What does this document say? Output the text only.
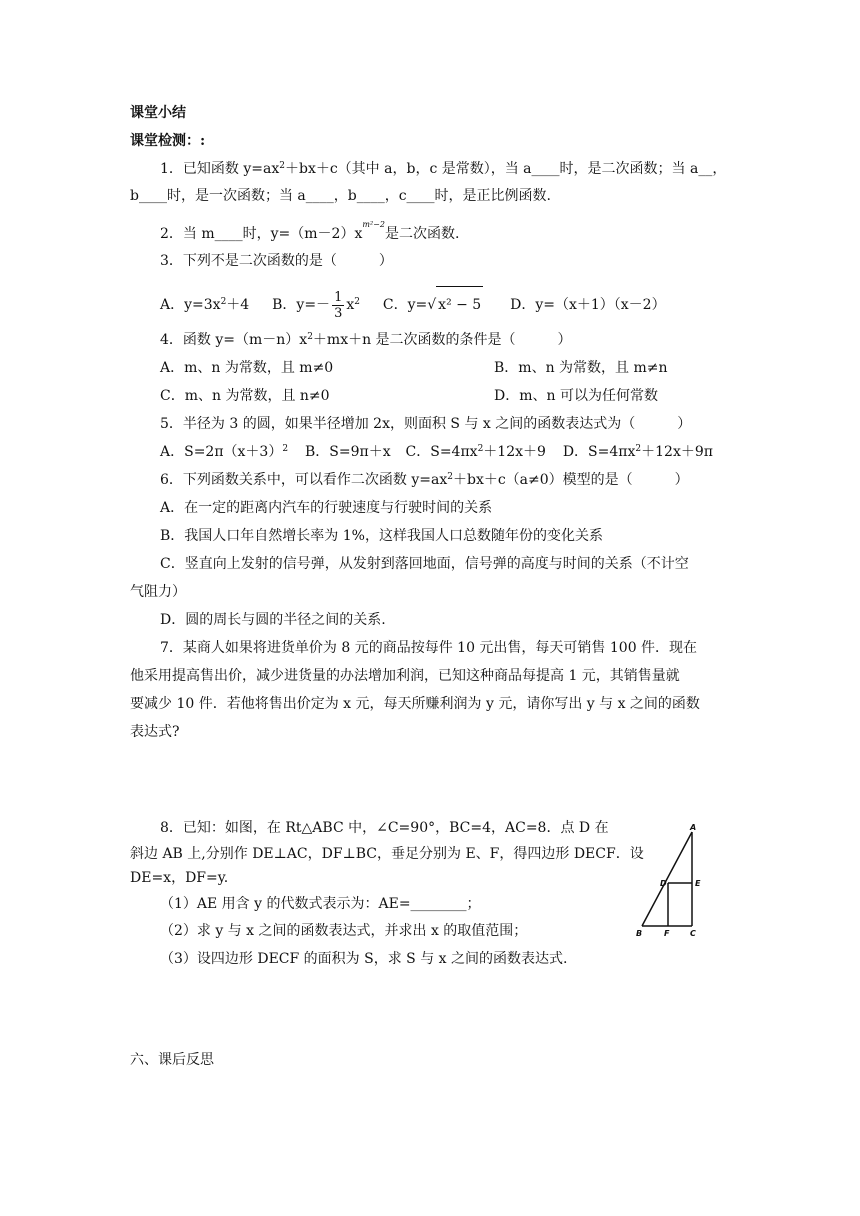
课堂小结
课堂检测：:
1．已知函数 $y=ax^2+bx+c$（其中 a，b，c 是常数），当 a____时，是二次函数；当 a__，
b____时，是一次函数；当 a____，b____，c____时，是正比例函数.
2．当 m____时，$y=(m-2)x^{m^2-2}$是二次函数.
3．下列不是二次函数的是（　　　）
A．$y=3x^2+4$ B．$y=- \frac{1}{3} x^2$ C．y=√ x² − 5 D．y=（x＋1）（x－2）
4．函数 $y=(m-n)x^2+mx+n$ 是二次函数的条件是（　　　）
A．m、n 为常数，且 m≠0	B．m、n 为常数，且 m≠n
C．m、n 为常数，且 n≠0	D．m、n 可以为任何常数
5．半径为 3 的圆，如果半径增加 2x，则面积 S 与 x 之间的函数表达式为（　　　）
A．$S=2\pi(x+3)^2$ B．S=9π＋x C．$S=4\pi x^2+12x+9$ D．$S=4\pi x^2+12x+9\pi$
6．下列函数关系中，可以看作二次函数 $y=ax^2+bx+c(a\ne 0)$模型的是（　　　）
A．在一定的距离内汽车的行驶速度与行驶时间的关系
B．我国人口年自然增长率为 1%，这样我国人口总数随年份的变化关系
C．竖直向上发射的信号弹，从发射到落回地面，信号弹的高度与时间的关系（不计空
气阻力）
D．圆的周长与圆的半径之间的关系.
7．某商人如果将进货单价为 8 元的商品按每件 10 元出售，每天可销售 100 件．现在
他采用提高售出价，减少进货量的办法增加利润，已知这种商品每提高 1 元，其销售量就
要减少 10 件．若他将售出价定为 x 元，每天所赚利润为 y 元，请你写出 y 与 x 之间的函数
表达式?
8．已知：如图，在 Rt△ABC 中，∠C=90°，BC=4，AC=8．点 D 在
斜边 AB 上,分别作 DE⊥AC，DF⊥BC，垂足分别为 E、F，得四边形 DECF．设
DE=x，DF=y.
（1）AE 用含 y 的代数式表示为：AE=________；
（2）求 y 与 x 之间的函数表达式，并求出 x 的取值范围；
（3）设四边形 DECF 的面积为 S，求 S 与 x 之间的函数表达式.
A
B	C
D	E
F
六、课后反思
